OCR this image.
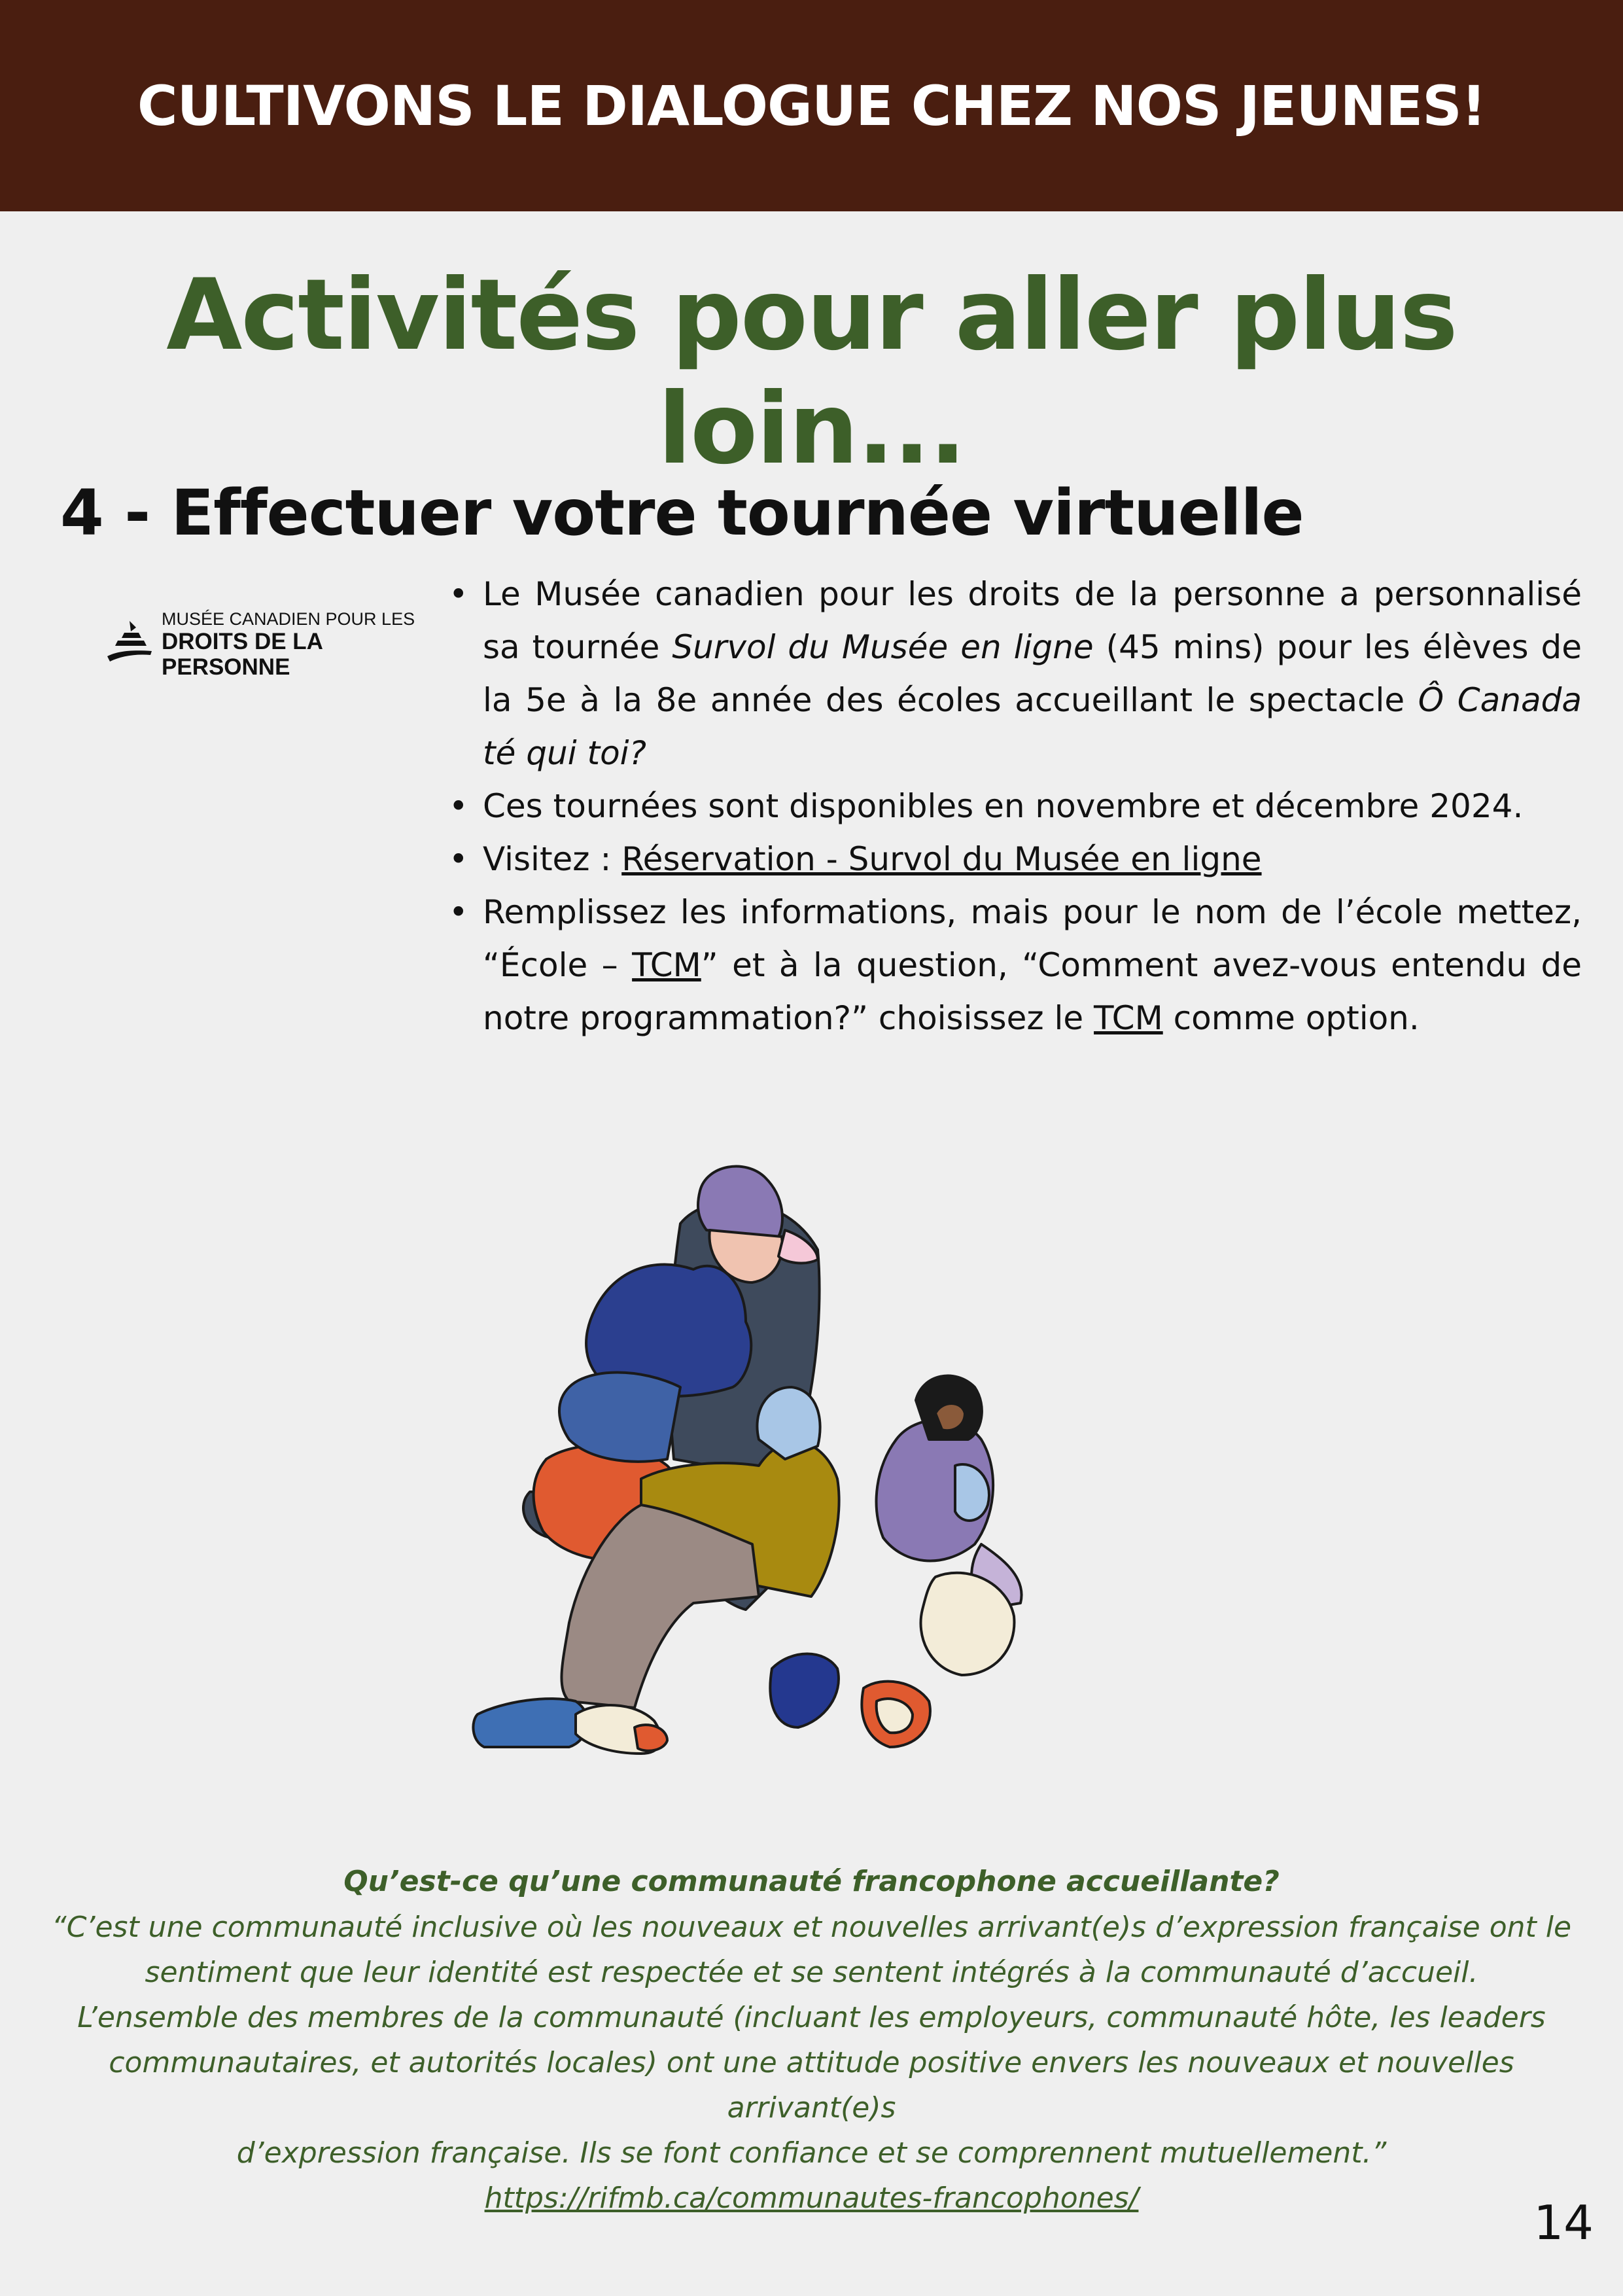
CULTIVONS LE DIALOGUE CHEZ NOS JEUNES!
Activités pour aller plus loin...
4 - Effectuer votre tournée virtuelle
MUSÉE CANADIEN POUR LES
DROITS DE LA PERSONNE
• Le Musée canadien pour les droits de la personne a personnalisé sa tournée Survol du Musée en ligne (45 mins) pour les élèves de la 5e à la 8e année des écoles accueillant le spectacle Ô Canada té qui toi?
• Ces tournées sont disponibles en novembre et décembre 2024.
• Visitez : Réservation - Survol du Musée en ligne
• Remplissez les informations, mais pour le nom de l’école mettez, “École – TCM” et à la question, “Comment avez-vous entendu de notre programmation?” choisissez le TCM comme option.

Qu’est-ce qu’une communauté francophone accueillante?

“C’est une communauté inclusive où les nouveaux et nouvelles arrivant(e)s d’expression française ont le
sentiment que leur identité est respectée et se sentent intégrés à la communauté d’accueil.
L’ensemble des membres de la communauté (incluant les employeurs, communauté hôte, les leaders
communautaires, et autorités locales) ont une attitude positive envers les nouveaux et nouvelles arrivant(e)s
d’expression française. Ils se font confiance et se comprennent mutuellement.”
https://rifmb.ca/communautes-francophones/	14
